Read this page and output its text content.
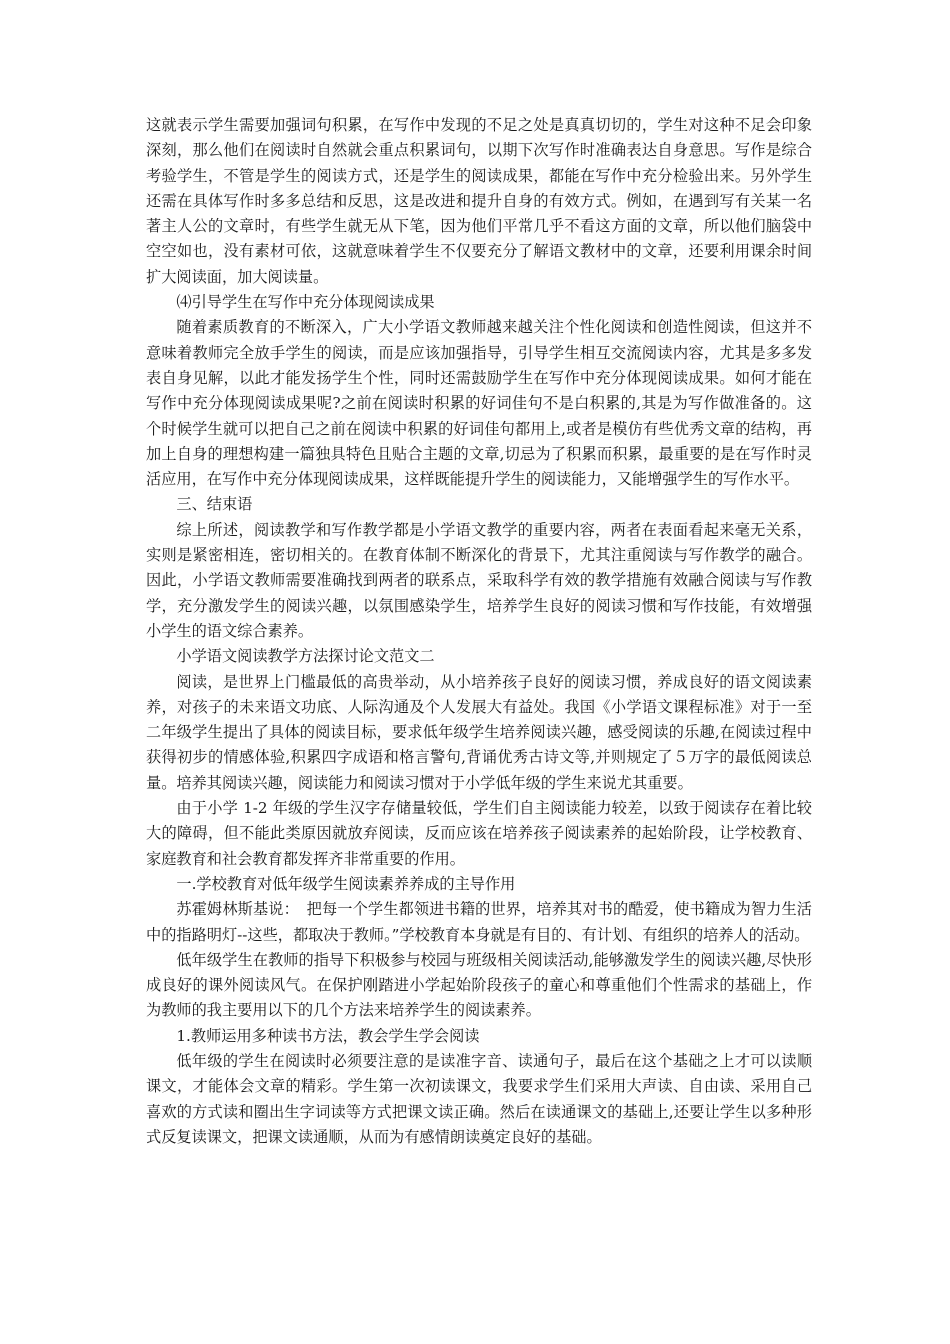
这就表示学生需要加强词句积累，在写作中发现的不足之处是真真切切的，学生对这种不足会印象深刻，那么他们在阅读时自然就会重点积累词句，以期下次写作时准确表达自身意思。写作是综合考验学生，不管是学生的阅读方式，还是学生的阅读成果，都能在写作中充分检验出来。另外学生还需在具体写作时多多总结和反思，这是改进和提升自身的有效方式。例如，在遇到写有关某一名著主人公的文章时，有些学生就无从下笔，因为他们平常几乎不看这方面的文章，所以他们脑袋中空空如也，没有素材可依，这就意味着学生不仅要充分了解语文教材中的文章，还要利用课余时间扩大阅读面，加大阅读量。

⑷引导学生在写作中充分体现阅读成果

随着素质教育的不断深入，广大小学语文教师越来越关注个性化阅读和创造性阅读，但这并不意味着教师完全放手学生的阅读，而是应该加强指导，引导学生相互交流阅读内容，尤其是多多发表自身见解，以此才能发扬学生个性，同时还需鼓励学生在写作中充分体现阅读成果。如何才能在写作中充分体现阅读成果呢?之前在阅读时积累的好词佳句不是白积累的,其是为写作做准备的。这个时候学生就可以把自己之前在阅读中积累的好词佳句都用上,或者是模仿有些优秀文章的结构，再加上自身的理想构建一篇独具特色且贴合主题的文章,切忌为了积累而积累，最重要的是在写作时灵活应用，在写作中充分体现阅读成果，这样既能提升学生的阅读能力，又能增强学生的写作水平。

三、结束语

综上所述，阅读教学和写作教学都是小学语文教学的重要内容，两者在表面看起来毫无关系，实则是紧密相连，密切相关的。在教育体制不断深化的背景下，尤其注重阅读与写作教学的融合。因此，小学语文教师需要准确找到两者的联系点，采取科学有效的教学措施有效融合阅读与写作教学，充分激发学生的阅读兴趣，以氛围感染学生，培养学生良好的阅读习惯和写作技能，有效增强小学生的语文综合素养。

小学语文阅读教学方法探讨论文范文二

阅读，是世界上门槛最低的高贵举动，从小培养孩子良好的阅读习惯，养成良好的语文阅读素养，对孩子的未来语文功底、人际沟通及个人发展大有益处。我国《小学语文课程标准》对于一至二年级学生提出了具体的阅读目标，要求低年级学生培养阅读兴趣，感受阅读的乐趣,在阅读过程中获得初步的情感体验,积累四字成语和格言警句,背诵优秀古诗文等,并则规定了５万字的最低阅读总量。培养其阅读兴趣，阅读能力和阅读习惯对于小学低年级的学生来说尤其重要。

由于小学 1-2 年级的学生汉字存储量较低，学生们自主阅读能力较差，以致于阅读存在着比较大的障碍，但不能此类原因就放弃阅读，反而应该在培养孩子阅读素养的起始阶段，让学校教育、家庭教育和社会教育都发挥齐非常重要的作用。

一.学校教育对低年级学生阅读素养养成的主导作用

苏霍姆林斯基说：　把每一个学生都领进书籍的世界，培养其对书的酷爱，使书籍成为智力生活中的指路明灯--这些，都取决于教师。”学校教育本身就是有目的、有计划、有组织的培养人的活动。

低年级学生在教师的指导下积极参与校园与班级相关阅读活动,能够激发学生的阅读兴趣,尽快形成良好的课外阅读风气。在保护刚踏进小学起始阶段孩子的童心和尊重他们个性需求的基础上，作为教师的我主要用以下的几个方法来培养学生的阅读素养。

1.教师运用多种读书方法，教会学生学会阅读

低年级的学生在阅读时必须要注意的是读准字音、读通句子，最后在这个基础之上才可以读顺课文，才能体会文章的精彩。学生第一次初读课文，我要求学生们采用大声读、自由读、采用自己喜欢的方式读和圈出生字词读等方式把课文读正确。然后在读通课文的基础上,还要让学生以多种形式反复读课文，把课文读通顺，从而为有感情朗读奠定良好的基础。
